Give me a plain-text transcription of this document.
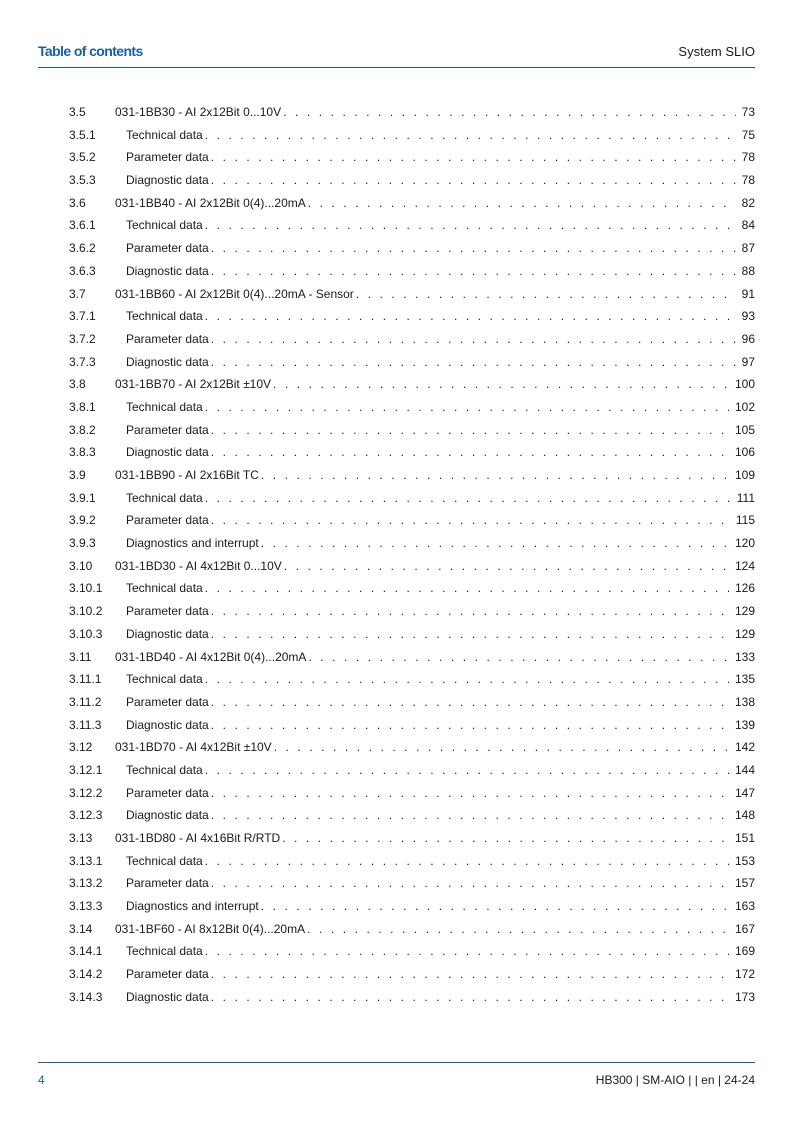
Table of contents	System SLIO
3.5 031-1BB30 - AI 2x12Bit 0...10V . . .	73
3.5.1	Technical data . . .	75
3.5.2	Parameter data . . .	78
3.5.3	Diagnostic data . . .	78
3.6 031-1BB40 - AI 2x12Bit 0(4)...20mA . . .	82
3.6.1	Technical data . . .	84
3.6.2	Parameter data . . .	87
3.6.3	Diagnostic data . . .	88
3.7 031-1BB60 - AI 2x12Bit 0(4)...20mA - Sensor . . .	91
3.7.1	Technical data . . .	93
3.7.2	Parameter data . . .	96
3.7.3	Diagnostic data . . .	97
3.8 031-1BB70 - AI 2x12Bit ±10V . . .	100
3.8.1	Technical data . . .	102
3.8.2	Parameter data . . .	105
3.8.3	Diagnostic data . . .	106
3.9 031-1BB90 - AI 2x16Bit TC . . .	109
3.9.1	Technical data . . .	111
3.9.2	Parameter data . . .	115
3.9.3	Diagnostics and interrupt . . .	120
3.10 031-1BD30 - AI 4x12Bit 0...10V . . .	124
3.10.1 Technical data . . .	126
3.10.2 Parameter data . . .	129
3.10.3 Diagnostic data . . .	129
3.11 031-1BD40 - AI 4x12Bit 0(4)...20mA . . .	133
3.11.1 Technical data . . .	135
3.11.2 Parameter data . . .	138
3.11.3 Diagnostic data . . .	139
3.12 031-1BD70 - AI 4x12Bit ±10V . . .	142
3.12.1 Technical data . . .	144
3.12.2 Parameter data . . .	147
3.12.3 Diagnostic data . . .	148
3.13 031-1BD80 - AI 4x16Bit R/RTD . . .	151
3.13.1 Technical data . . .	153
3.13.2 Parameter data . . .	157
3.13.3 Diagnostics and interrupt . . .	163
3.14 031-1BF60 - AI 8x12Bit 0(4)...20mA . . .	167
3.14.1 Technical data . . .	169
3.14.2 Parameter data . . .	172
3.14.3 Diagnostic data . . .	173
4	HB300 | SM-AIO | | en | 24-24
